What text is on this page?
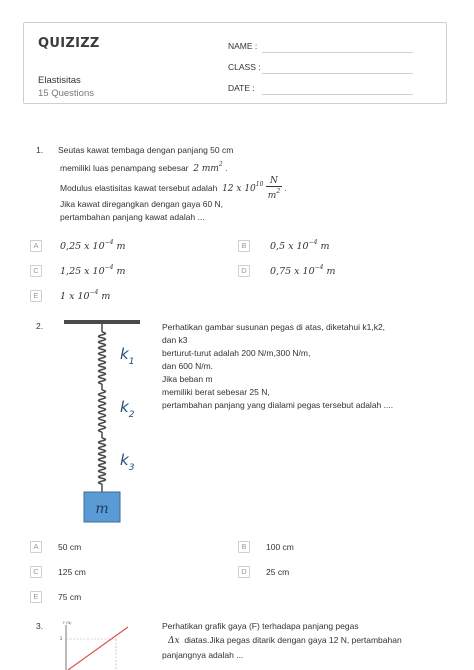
QUIZIZZ
Elastisitas
15 Questions
NAME :
CLASS :
DATE :
1. Seutas kawat tembaga dengan panjang 50 cm
memiliki luas penampang sebesar 2 $mm^2$ .
Modulus elastisitas kawat tersebut adalah 12 x $10^{10} \frac{N}{m^2}$ .
Jika kawat diregangkan dengan gaya 60 N,
pertambahan panjang kawat adalah ...
A	0,25 x $10^{-4}$ m	B	0,5 x $10^{-4}$ m
C	1,25 x $10^{-4}$ m	D	0,75 x $10^{-4}$ m
E	1 x $10^{-4}$ m
2.
m
$k_1$
$k_2$
$k_3$
Perhatikan gambar susunan pegas di atas, diketahui k1,k2,
dan k3
berturut-turut adalah 200 N/m,300 N/m,
dan 600 N/m.
Jika beban m
memiliki berat sebesar 25 N,
pertambahan panjang yang dialami pegas tersebut adalah ....
A	50 cm	B	100 cm
C	125 cm	D	25 cm
E	75 cm
3.	F (N)
2
Perhatikan grafik gaya (F) terhadapa panjang pegas
Δx diatas.Jika pegas ditarik dengan gaya 12 N, pertambahan
panjangnya adalah ...
